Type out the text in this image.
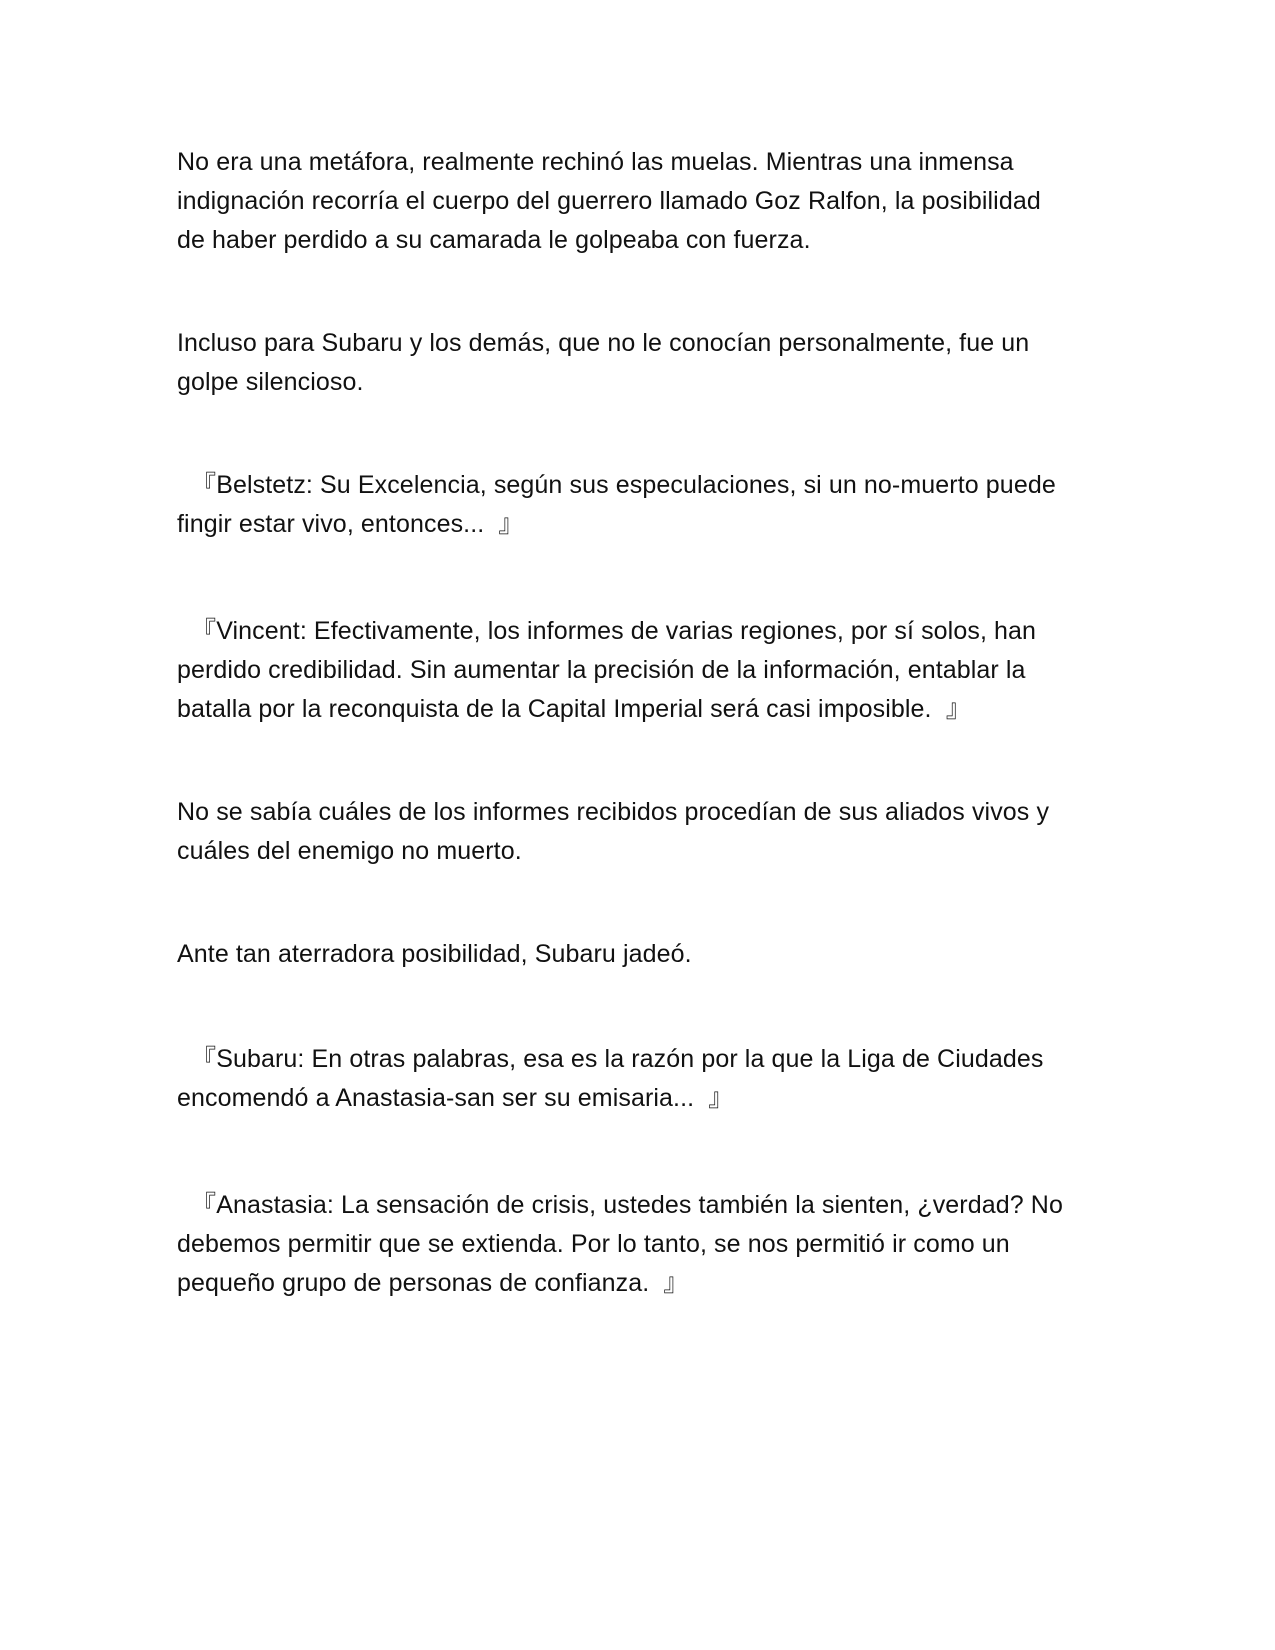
No era una metáfora, realmente rechinó las muelas. Mientras una inmensa
indignación recorría el cuerpo del guerrero llamado Goz Ralfon, la posibilidad
de haber perdido a su camarada le golpeaba con fuerza.

Incluso para Subaru y los demás, que no le conocían personalmente, fue un
golpe silencioso.

『Belstetz: Su Excelencia, según sus especulaciones, si un no-muerto puede
fingir estar vivo, entonces...  』

『Vincent: Efectivamente, los informes de varias regiones, por sí solos, han
perdido credibilidad. Sin aumentar la precisión de la información, entablar la
batalla por la reconquista de la Capital Imperial será casi imposible.  』

No se sabía cuáles de los informes recibidos procedían de sus aliados vivos y
cuáles del enemigo no muerto.

Ante tan aterradora posibilidad, Subaru jadeó.

『Subaru: En otras palabras, esa es la razón por la que la Liga de Ciudades
encomendó a Anastasia-san ser su emisaria...  』

『Anastasia: La sensación de crisis, ustedes también la sienten, ¿verdad? No
debemos permitir que se extienda. Por lo tanto, se nos permitió ir como un
pequeño grupo de personas de confianza.  』
